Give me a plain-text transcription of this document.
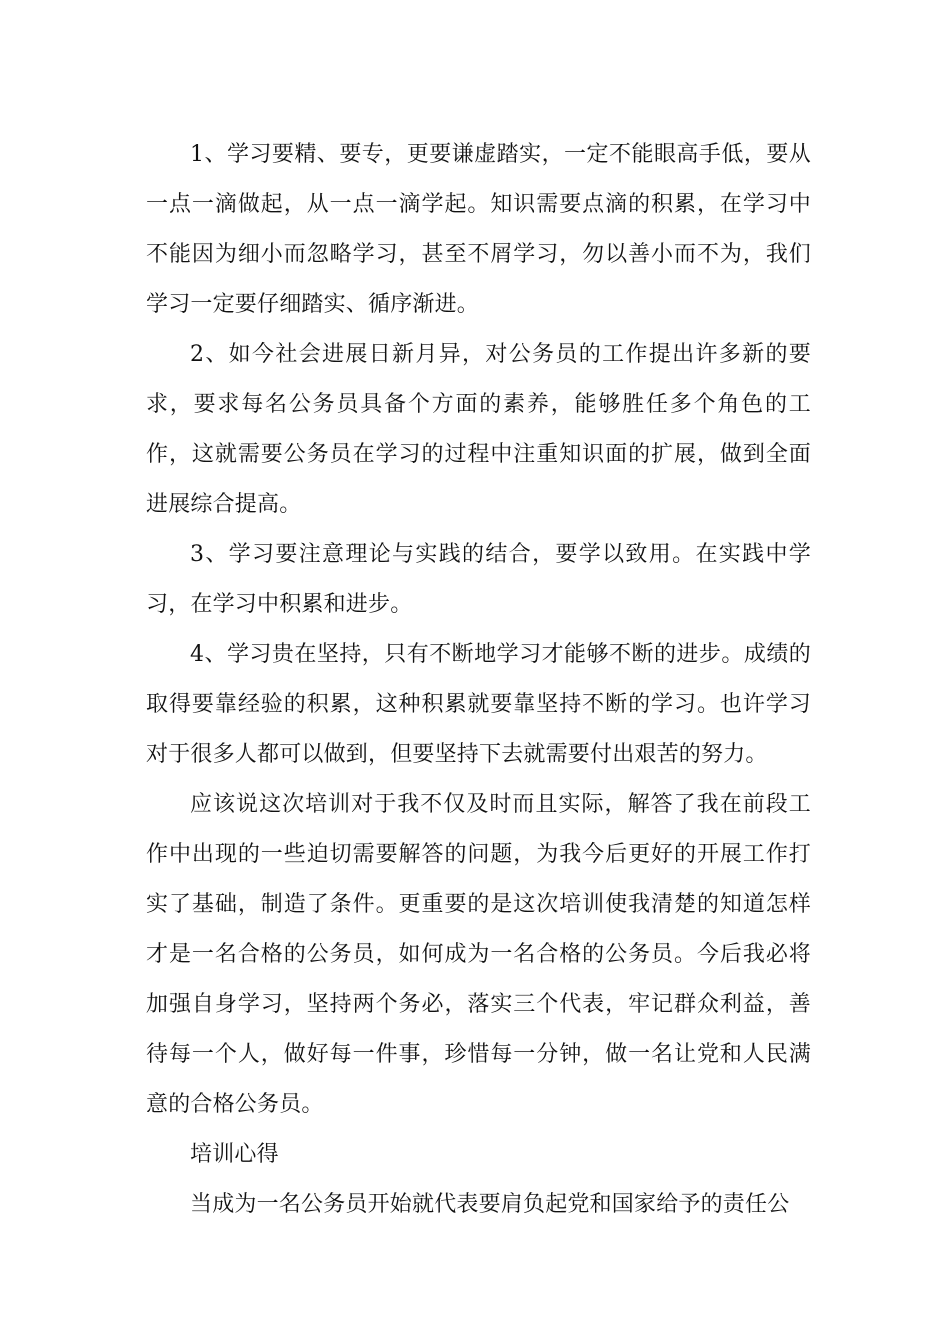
1、学习要精、要专，更要谦虚踏实，一定不能眼高手低，要从一点一滴做起，从一点一滴学起。知识需要点滴的积累，在学习中不能因为细小而忽略学习，甚至不屑学习，勿以善小而不为，我们学习一定要仔细踏实、循序渐进。

2、如今社会进展日新月异，对公务员的工作提出许多新的要求，要求每名公务员具备个方面的素养，能够胜任多个角色的工作，这就需要公务员在学习的过程中注重知识面的扩展，做到全面进展综合提高。

3、学习要注意理论与实践的结合，要学以致用。在实践中学习，在学习中积累和进步。

4、学习贵在坚持，只有不断地学习才能够不断的进步。成绩的取得要靠经验的积累，这种积累就要靠坚持不断的学习。也许学习对于很多人都可以做到，但要坚持下去就需要付出艰苦的努力。

应该说这次培训对于我不仅及时而且实际，解答了我在前段工作中出现的一些迫切需要解答的问题，为我今后更好的开展工作打实了基础，制造了条件。更重要的是这次培训使我清楚的知道怎样才是一名合格的公务员，如何成为一名合格的公务员。今后我必将加强自身学习，坚持两个务必，落实三个代表，牢记群众利益，善待每一个人，做好每一件事，珍惜每一分钟，做一名让党和人民满意的合格公务员。

培训心得

当成为一名公务员开始就代表要肩负起党和国家给予的责任公
